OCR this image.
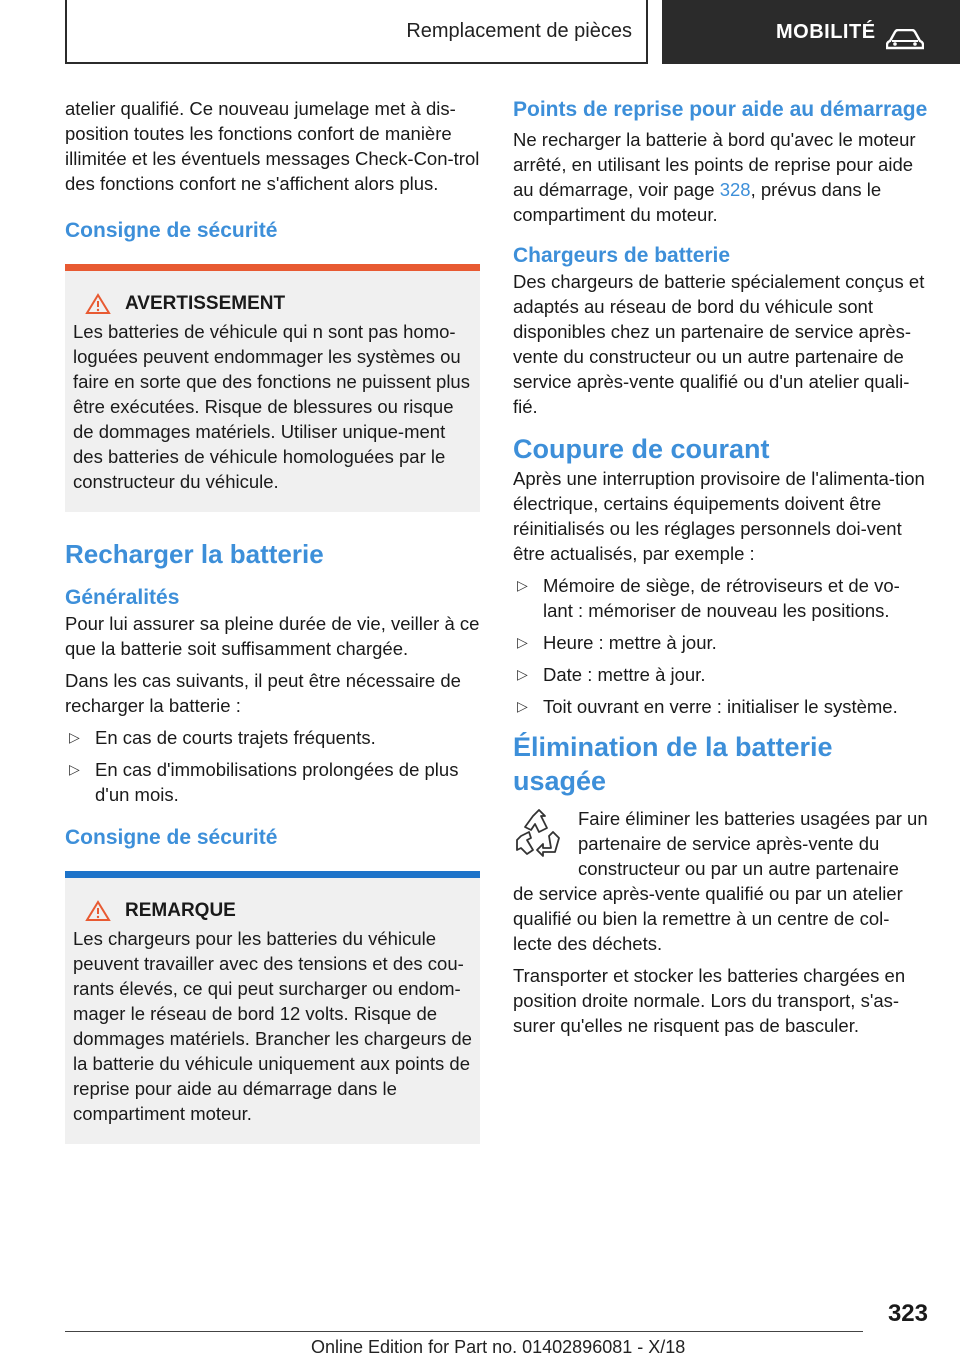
Remplacement de pièces	MOBILITÉ

atelier qualifié. Ce nouveau jumelage met à dis-position toutes les fonctions confort de manière illimitée et les éventuels messages Check-Con-trol des fonctions confort ne s'affichent alors plus.

Consigne de sécurité
AVERTISSEMENT

Les batteries de véhicule qui n sont pas homo-loguées peuvent endommager les systèmes ou faire en sorte que des fonctions ne puissent plus être exécutées. Risque de blessures ou risque de dommages matériels. Utiliser unique-ment des batteries de véhicule homologuées par le constructeur du véhicule.

Recharger la batterie
Généralités

Pour lui assurer sa pleine durée de vie, veiller à ce que la batterie soit suffisamment chargée.

Dans les cas suivants, il peut être nécessaire de recharger la batterie :

▷ En cas de courts trajets fréquents.
▷ En cas d'immobilisations prolongées de plus d'un mois.
Consigne de sécurité
REMARQUE

Les chargeurs pour les batteries du véhicule peuvent travailler avec des tensions et des cou-rants élevés, ce qui peut surcharger ou endom-mager le réseau de bord 12 volts. Risque de dommages matériels. Brancher les chargeurs de la batterie du véhicule uniquement aux points de reprise pour aide au démarrage dans le compartiment moteur.

Points de reprise pour aide au démarrage

Ne recharger la batterie à bord qu'avec le moteur arrêté, en utilisant les points de reprise pour aide au démarrage, voir page 328, prévus dans le compartiment du moteur.

Chargeurs de batterie

Des chargeurs de batterie spécialement conçus et adaptés au réseau de bord du véhicule sont disponibles chez un partenaire de service après-vente du constructeur ou un autre partenaire de service après-vente qualifié ou d'un atelier quali-fié.

Coupure de courant

Après une interruption provisoire de l'alimenta-tion électrique, certains équipements doivent être réinitialisés ou les réglages personnels doi-vent être actualisés, par exemple :

▷ Mémoire de siège, de rétroviseurs et de vo-lant : mémoriser de nouveau les positions.
▷ Heure : mettre à jour.
▷ Date : mettre à jour.
▷ Toit ouvrant en verre : initialiser le système.
Élimination de la batterie usagée

Faire éliminer les batteries usagées par un partenaire de service après-vente du constructeur ou par un autre partenaire

de service après-vente qualifié ou par un atelier qualifié ou bien la remettre à un centre de col-lecte des déchets.

Transporter et stocker les batteries chargées en position droite normale. Lors du transport, s'as-surer qu'elles ne risquent pas de basculer.

323
Online Edition for Part no. 01402896081 - X/18
